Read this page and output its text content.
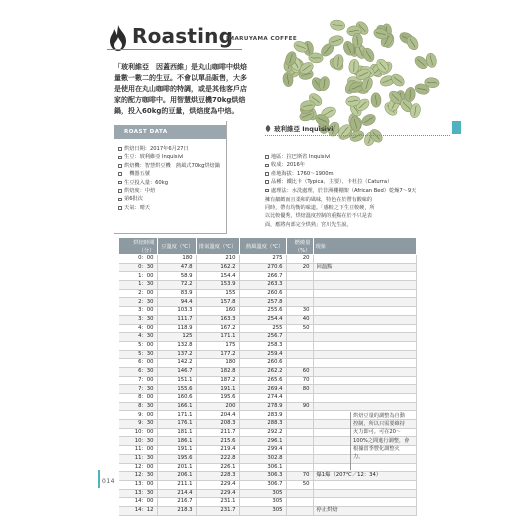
Roasting
IMARUYAMA COFFEE
「玻利維亞　因蓋西維」是丸山咖啡中烘焙量數一數二的生豆。不會以單品販售，大多是使用在丸山咖啡的特調，或是其他客戶店家的配方咖啡中。用智慧烘豆機70kg烘焙鍋，投入60kg的豆量，烘焙度為中焙。
ROAST DATA
烘焙日期：2017年6月27日
生豆：玻利維亞 Inquisivi
烘焙機：智慧烘豆機　熱風式70kg烘焙鍋
　機器五號
生豆投入量：60kg
烘焙度：中焙
第6批次
天氣：晴天
玻利維亞 Inquisivi
地區：拉巴斯省 Inquisivi
收成：2016年
產地海拔：1760〜1900m
品種：鐵比卡（Typica、主要）、卡杜拉（Caturra）
處理法：水洗處理，於非洲棚棚架（African Bed）乾燥7〜9天
擁有細緻而且柔和的風味，特色在於帶有酸味的同時，帶有均衡的味道。「感較之下生豆較硬，所以比較優秀，烘焙溫度控制的重點在於不只是表面，應將內部完全烘熟」宮川先生說。
烘焙時間（分）	豆溫度（℃）	排氣溫度（℃）	熱風溫度（℃）	燃燒量（%）	現象
0：00	180	210	275	20	
0：30	47.8	162.2	270.6	20	回溫點
1：00	58.9	154.4	266.7		
1：30	72.2	153.9	263.3		
2：00	83.9	155	260.6		
2：30	94.4	157.8	257.8		
3：00	103.3	160	255.6	30	
3：30	111.7	163.3	254.4	40	
4：00	118.9	167.2	255	50	
4：30	125	171.1	256.7		
5：00	132.8	175	258.3		
5：30	137.2	177.2	259.4		
6：00	142.2	180	260.6		
6：30	146.7	182.8	262.2	60	
7：00	151.1	187.2	265.6	70	
7：30	155.6	191.1	269.4	80	
8：00	160.6	195.6	274.4		
8：30	166.1	200	278.9	90	
9：00	171.1	204.4	283.9		
9：30	176.1	208.3	288.3		
10：00	181.1	211.7	292.2		
10：30	186.1	215.6	296.1		
11：00	191.1	219.4	299.4		
11：30	195.6	222.8	302.8		
12：00	201.1	226.1	306.1		
12：30	206.1	228.3	306.3	70	爆1爆（207℃／12：34）
13：00	211.1	229.4	306.7	50	
13：30	214.4	229.4	305		
14：00	216.7	231.1	305		
14：12	218.3	231.7	305		停止烘焙
烘焙豆量的調整為自動控制，所以只需要維持火力即可。可在20〜100%之間進行調整，會根據當季豐化調整火力。
014
